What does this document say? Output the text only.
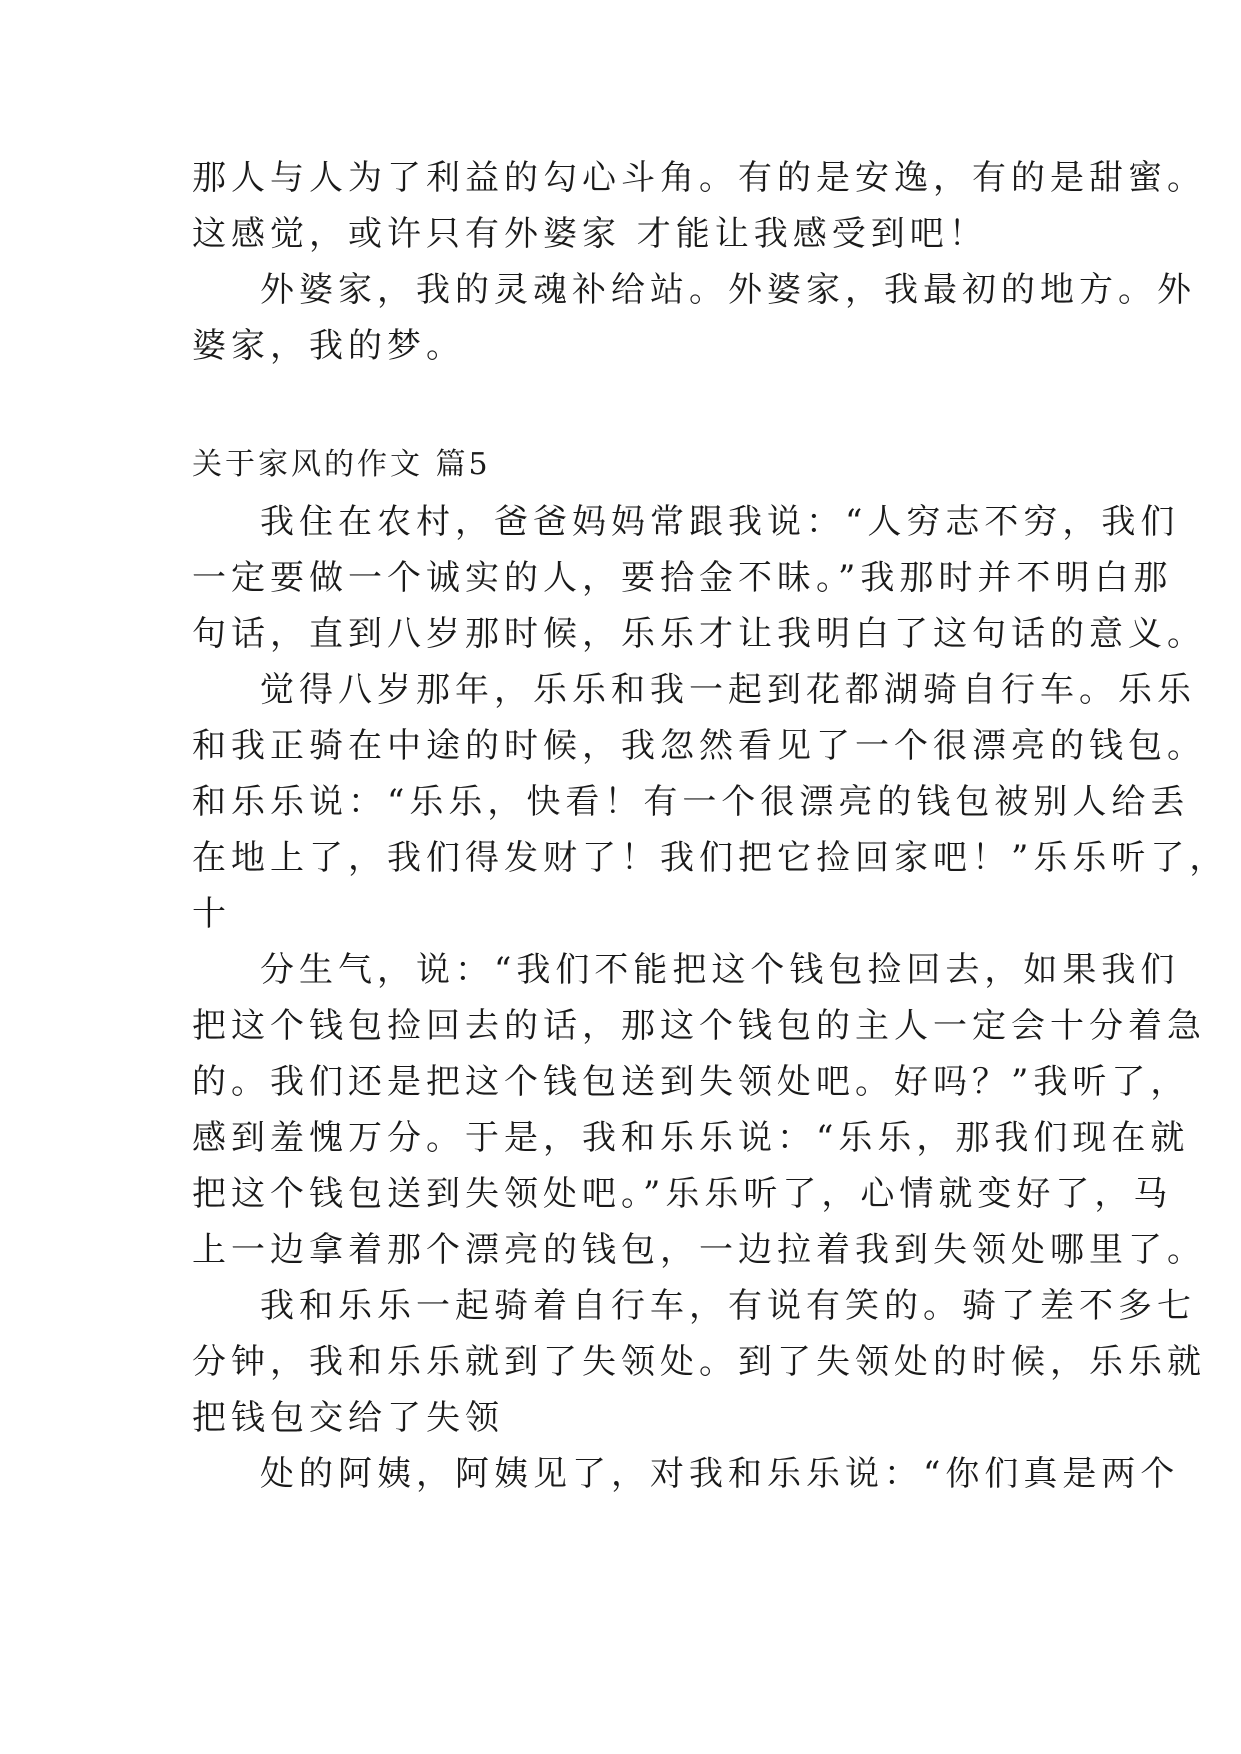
那人与人为了利益的勾心斗角。有的是安逸，有的是甜蜜。
这感觉，或许只有外婆家 才能让我感受到吧！
外婆家，我的灵魂补给站。外婆家，我最初的地方。外
婆家，我的梦。
关于家风的作文 篇5
我住在农村，爸爸妈妈常跟我说：“人穷志不穷，我们
一定要做一个诚实的人，要拾金不昧。”我那时并不明白那
句话，直到八岁那时候，乐乐才让我明白了这句话的意义。
觉得八岁那年，乐乐和我一起到花都湖骑自行车。乐乐
和我正骑在中途的时候，我忽然看见了一个很漂亮的钱包。
和乐乐说：“乐乐，快看！有一个很漂亮的钱包被别人给丢
在地上了，我们得发财了！我们把它捡回家吧！”乐乐听了，
十
分生气，说：“我们不能把这个钱包捡回去，如果我们
把这个钱包捡回去的话，那这个钱包的主人一定会十分着急
的。我们还是把这个钱包送到失领处吧。好吗？”我听了，
感到羞愧万分。于是，我和乐乐说：“乐乐，那我们现在就
把这个钱包送到失领处吧。”乐乐听了，心情就变好了，马
上一边拿着那个漂亮的钱包，一边拉着我到失领处哪里了。
我和乐乐一起骑着自行车，有说有笑的。骑了差不多七
分钟，我和乐乐就到了失领处。到了失领处的时候，乐乐就
把钱包交给了失领
处的阿姨，阿姨见了，对我和乐乐说：“你们真是两个
